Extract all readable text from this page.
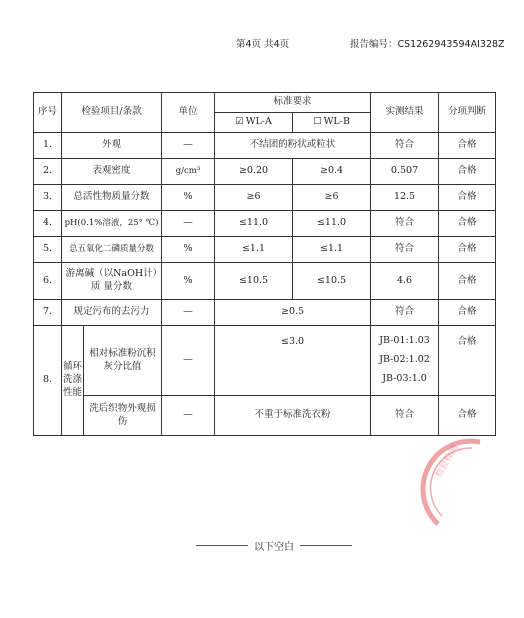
第4页 共4页	报告编号：CS1262943594AI328Z
序号	检验项目/条款		单位	标准要求		实测结果	分项判断

				☑ WL-A	☐ WL-B		

1.	外观		—	不结团的粉状或粒状		符合	合格
2.	表观密度		g/cm³	≥0.20	≥0.4	0.507	合格
3.	总活性物质量分数		%	≥6	≥6	12.5	合格
4.	pH(0.1%溶液，25° ℃)		—	≤11.0	≤11.0	符合	合格
5.	总五氧化二磷质量分数		%	≤1.1	≤1.1	符合	合格
6.	游离碱（以NaOH计）质 量分数		%	≤10.5	≤10.5	4.6	合格
7.	规定污布的去污力		—	≥0.5		符合	合格
8.	循环洗涤性能	相对标准粉沉积灰分比值	—	≤3.0		JB-01:1.03
JB-02:1.02
JB-03:1.0	合格
		洗后织物外观损 伤	—	不重于标准洗衣粉		符合	合格
检验检测
以下空白
